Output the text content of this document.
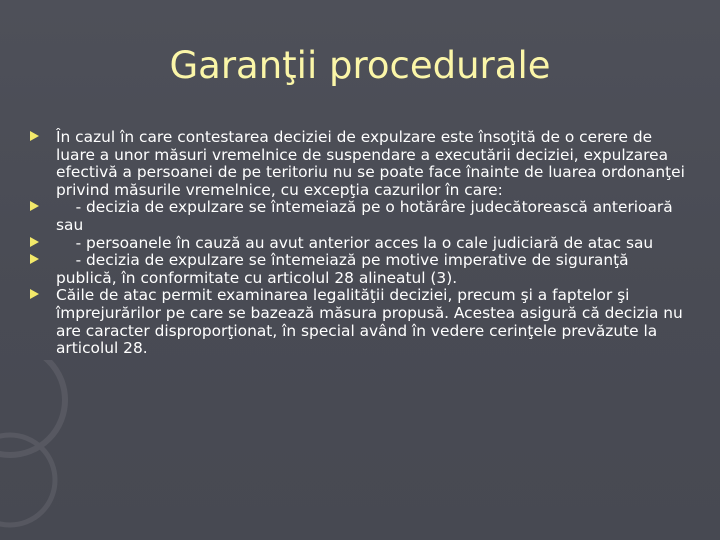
Garanţii procedurale
În cazul în care contestarea deciziei de expulzare este însoţită de o cerere de luare a unor măsuri vremelnice de suspendare a executării deciziei, expulzarea efectivă a persoanei de pe teritoriu nu se poate face înainte de luarea ordonanţei privind măsurile vremelnice, cu excepţia cazurilor în care:
- decizia de expulzare se întemeiază pe o hotărâre judecătorească anterioară sau
- persoanele în cauză au avut anterior acces la o cale judiciară de atac sau
- decizia de expulzare se întemeiază pe motive imperative de siguranţă publică, în conformitate cu articolul 28 alineatul (3).
Căile de atac permit examinarea legalităţii deciziei, precum şi a faptelor şi împrejurărilor pe care se bazează măsura propusă. Acestea asigură că decizia nu are caracter disproporţionat, în special având în vedere cerinţele prevăzute la articolul 28.
